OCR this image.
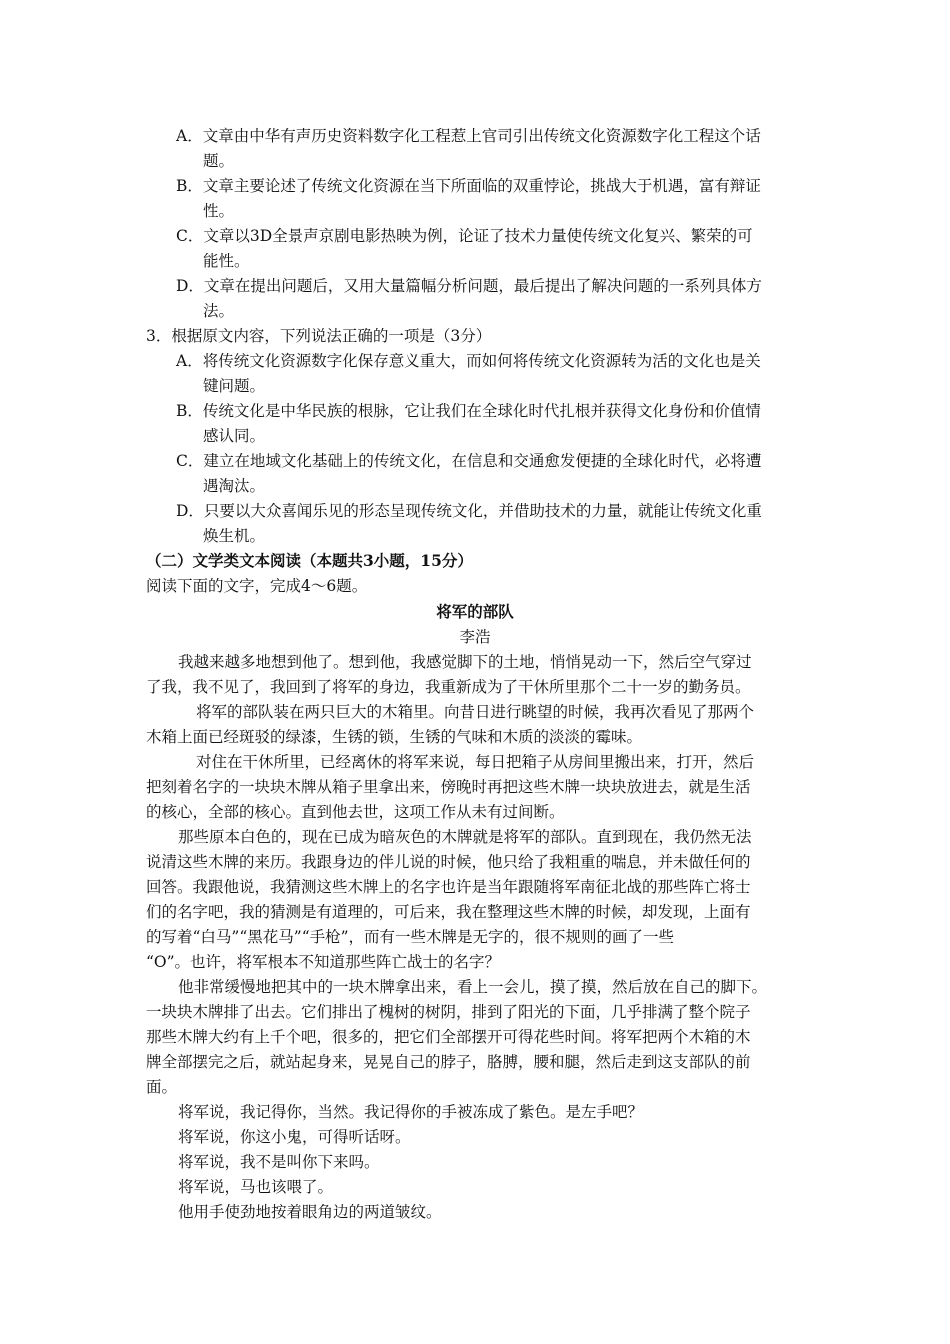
A．文章由中华有声历史资料数字化工程惹上官司引出传统文化资源数字化工程这个话
题。
B．文章主要论述了传统文化资源在当下所面临的双重悖论，挑战大于机遇，富有辩证
性。
C．文章以3D全景声京剧电影热映为例，论证了技术力量使传统文化复兴、繁荣的可
能性。
D．文章在提出问题后，又用大量篇幅分析问题，最后提出了解决问题的一系列具体方
法。
3．根据原文内容，下列说法正确的一项是（3分）
A．将传统文化资源数字化保存意义重大，而如何将传统文化资源转为活的文化也是关
键问题。
B．传统文化是中华民族的根脉，它让我们在全球化时代扎根并获得文化身份和价值情
感认同。
C．建立在地域文化基础上的传统文化，在信息和交通愈发便捷的全球化时代，必将遭
遇淘汰。
D．只要以大众喜闻乐见的形态呈现传统文化，并借助技术的力量，就能让传统文化重
焕生机。
（二）文学类文本阅读（本题共3小题，15分）
阅读下面的文字，完成4～6题。
将军的部队
李浩
我越来越多地想到他了。想到他，我感觉脚下的土地，悄悄晃动一下，然后空气穿过
了我，我不见了，我回到了将军的身边，我重新成为了干休所里那个二十一岁的勤务员。
将军的部队装在两只巨大的木箱里。向昔日进行眺望的时候，我再次看见了那两个
木箱上面已经斑驳的绿漆，生锈的锁，生锈的气味和木质的淡淡的霉味。
对住在干休所里，已经离休的将军来说，每日把箱子从房间里搬出来，打开，然后
把刻着名字的一块块木牌从箱子里拿出来，傍晚时再把这些木牌一块块放进去，就是生活
的核心，全部的核心。直到他去世，这项工作从未有过间断。
那些原本白色的，现在已成为暗灰色的木牌就是将军的部队。直到现在，我仍然无法
说清这些木牌的来历。我跟身边的伴儿说的时候，他只给了我粗重的喘息，并未做任何的
回答。我跟他说，我猜测这些木牌上的名字也许是当年跟随将军南征北战的那些阵亡将士
们的名字吧，我的猜测是有道理的，可后来，我在整理这些木牌的时候，却发现，上面有
的写着“白马”“黑花马”“手枪”，而有一些木牌是无字的，很不规则的画了一些
“O”。也许，将军根本不知道那些阵亡战士的名字？
他非常缓慢地把其中的一块木牌拿出来，看上一会儿，摸了摸，然后放在自己的脚下。
一块块木牌排了出去。它们排出了槐树的树阴，排到了阳光的下面，几乎排满了整个院子
那些木牌大约有上千个吧，很多的，把它们全部摆开可得花些时间。将军把两个木箱的木
牌全部摆完之后，就站起身来，晃晃自己的脖子，胳膊，腰和腿，然后走到这支部队的前
面。
将军说，我记得你，当然。我记得你的手被冻成了紫色。是左手吧？
将军说，你这小鬼，可得听话呀。
将军说，我不是叫你下来吗。
将军说，马也该喂了。
他用手使劲地按着眼角边的两道皱纹。
